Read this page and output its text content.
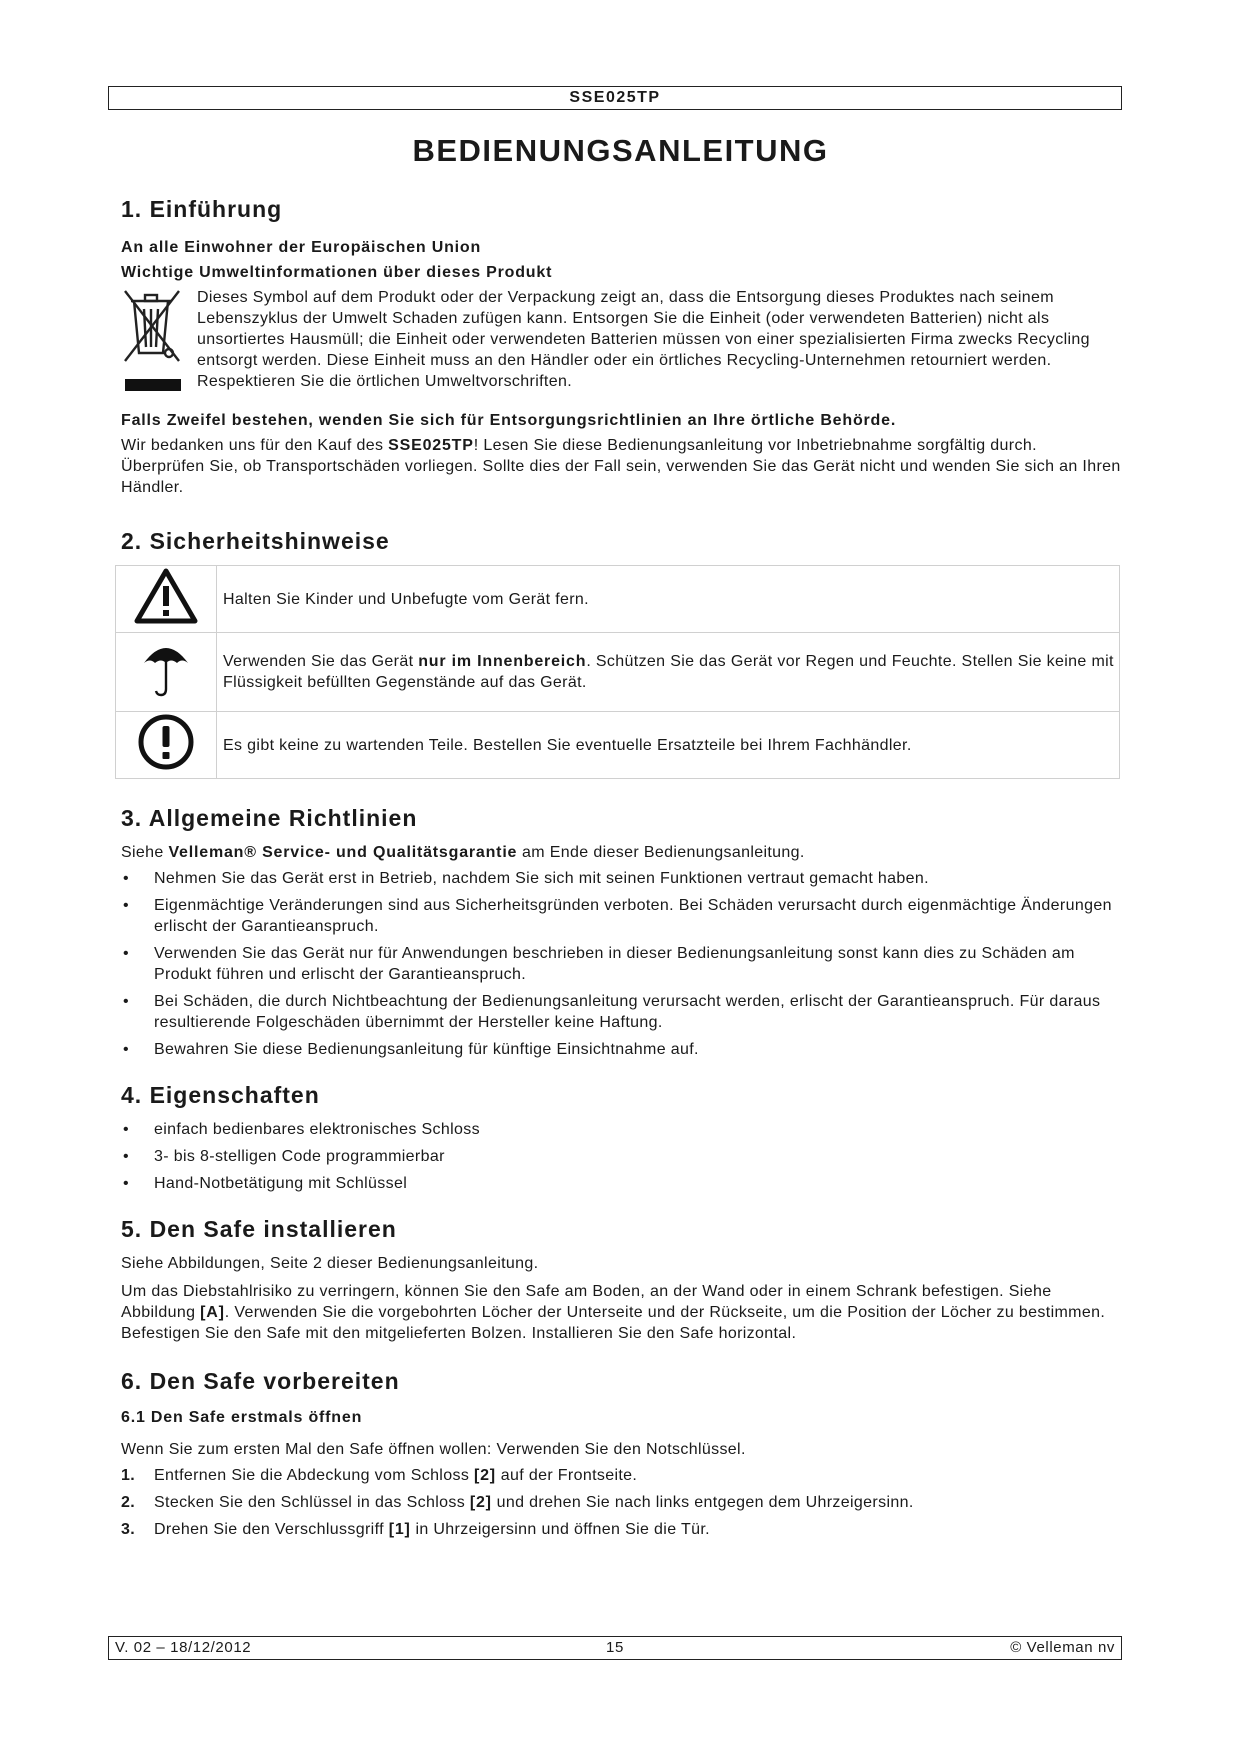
SSE025TP
BEDIENUNGSANLEITUNG
1. Einführung
An alle Einwohner der Europäischen Union
Wichtige Umweltinformationen über dieses Produkt
Dieses Symbol auf dem Produkt oder der Verpackung zeigt an, dass die Entsorgung dieses Produktes nach seinem Lebenszyklus der Umwelt Schaden zufügen kann. Entsorgen Sie die Einheit (oder verwendeten Batterien) nicht als unsortiertes Hausmüll; die Einheit oder verwendeten Batterien müssen von einer spezialisierten Firma zwecks Recycling entsorgt werden. Diese Einheit muss an den Händler oder ein örtliches Recycling-Unternehmen retourniert werden. Respektieren Sie die örtlichen Umweltvorschriften.
Falls Zweifel bestehen, wenden Sie sich für Entsorgungsrichtlinien an Ihre örtliche Behörde.

Wir bedanken uns für den Kauf des SSE025TP! Lesen Sie diese Bedienungsanleitung vor Inbetriebnahme sorgfältig durch. Überprüfen Sie, ob Transportschäden vorliegen. Sollte dies der Fall sein, verwenden Sie das Gerät nicht und wenden Sie sich an Ihren Händler.

2. Sicherheitshinweise
	Halten Sie Kinder und Unbefugte vom Gerät fern.
	Verwenden Sie das Gerät nur im Innenbereich. Schützen Sie das Gerät vor Regen und Feuchte. Stellen Sie keine mit Flüssigkeit befüllten Gegenstände auf das Gerät.
	Es gibt keine zu wartenden Teile. Bestellen Sie eventuelle Ersatzteile bei Ihrem Fachhändler.
3. Allgemeine Richtlinien

Siehe Velleman® Service- und Qualitätsgarantie am Ende dieser Bedienungsanleitung.

• Nehmen Sie das Gerät erst in Betrieb, nachdem Sie sich mit seinen Funktionen vertraut gemacht haben.
• Eigenmächtige Veränderungen sind aus Sicherheitsgründen verboten. Bei Schäden verursacht durch eigenmächtige Änderungen erlischt der Garantieanspruch.
• Verwenden Sie das Gerät nur für Anwendungen beschrieben in dieser Bedienungsanleitung sonst kann dies zu Schäden am Produkt führen und erlischt der Garantieanspruch.
• Bei Schäden, die durch Nichtbeachtung der Bedienungsanleitung verursacht werden, erlischt der Garantieanspruch. Für daraus resultierende Folgeschäden übernimmt der Hersteller keine Haftung.
• Bewahren Sie diese Bedienungsanleitung für künftige Einsichtnahme auf.
4. Eigenschaften
• einfach bedienbares elektronisches Schloss
• 3- bis 8-stelligen Code programmierbar
• Hand-Notbetätigung mit Schlüssel
5. Den Safe installieren

Siehe Abbildungen, Seite 2 dieser Bedienungsanleitung.

Um das Diebstahlrisiko zu verringern, können Sie den Safe am Boden, an der Wand oder in einem Schrank befestigen. Siehe Abbildung [A]. Verwenden Sie die vorgebohrten Löcher der Unterseite und der Rückseite, um die Position der Löcher zu bestimmen. Befestigen Sie den Safe mit den mitgelieferten Bolzen. Installieren Sie den Safe horizontal.

6. Den Safe vorbereiten
6.1 Den Safe erstmals öffnen

Wenn Sie zum ersten Mal den Safe öffnen wollen: Verwenden Sie den Notschlüssel.

1. Entfernen Sie die Abdeckung vom Schloss [2] auf der Frontseite.
2. Stecken Sie den Schlüssel in das Schloss [2] und drehen Sie nach links entgegen dem Uhrzeigersinn.
3. Drehen Sie den Verschlussgriff [1] in Uhrzeigersinn und öffnen Sie die Tür.
V. 02 – 18/12/2012	15	© Velleman nv
